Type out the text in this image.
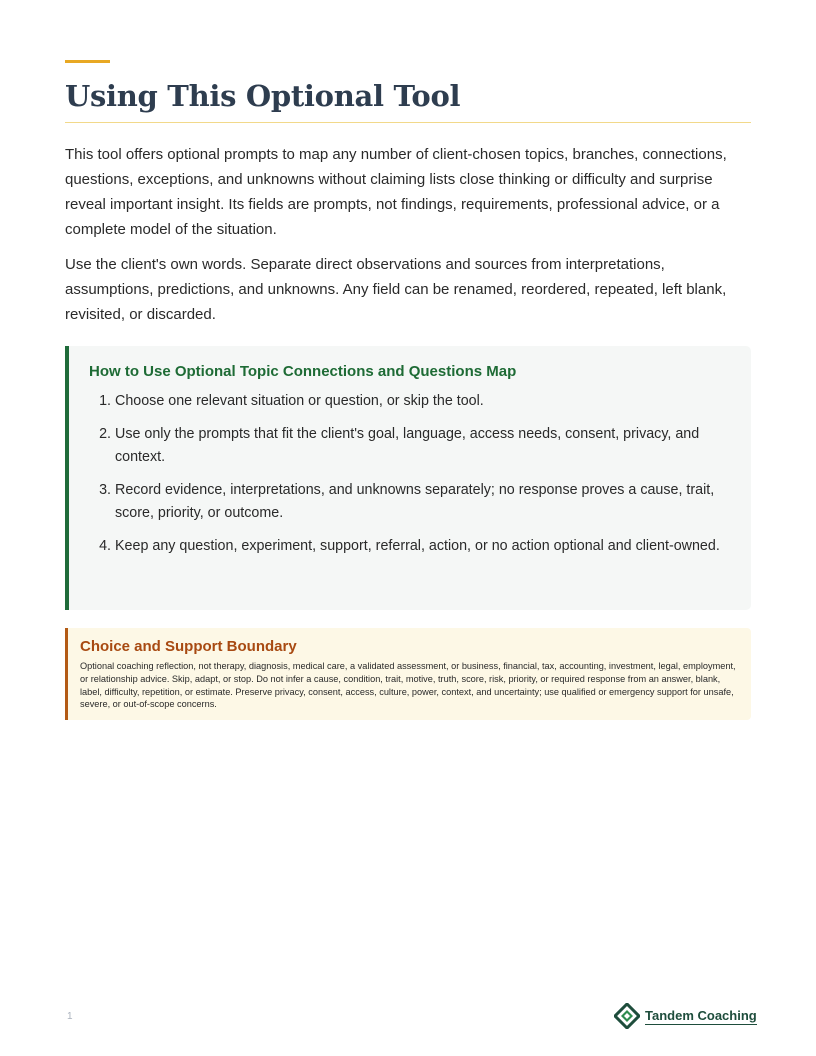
Using This Optional Tool

This tool offers optional prompts to map any number of client-chosen topics, branches, connections, questions, exceptions, and unknowns without claiming lists close thinking or difficulty and surprise reveal important insight. Its fields are prompts, not findings, requirements, professional advice, or a complete model of the situation.

Use the client's own words. Separate direct observations and sources from interpretations, assumptions, predictions, and unknowns. Any field can be renamed, reordered, repeated, left blank, revisited, or discarded.

How to Use Optional Topic Connections and Questions Map
1. Choose one relevant situation or question, or skip the tool.
2. Use only the prompts that fit the client's goal, language, access needs, consent, privacy, and context.
3. Record evidence, interpretations, and unknowns separately; no response proves a cause, trait, score, priority, or outcome.
4. Keep any question, experiment, support, referral, action, or no action optional and client-owned.
Choice and Support Boundary

Optional coaching reflection, not therapy, diagnosis, medical care, a validated assessment, or business, financial, tax, accounting, investment, legal, employment, or relationship advice. Skip, adapt, or stop. Do not infer a cause, condition, trait, motive, truth, score, risk, priority, or required response from an answer, blank, label, difficulty, repetition, or estimate. Preserve privacy, consent, access, culture, power, context, and uncertainty; use qualified or emergency support for unsafe, severe, or out-of-scope concerns.

1	Tandem Coaching
